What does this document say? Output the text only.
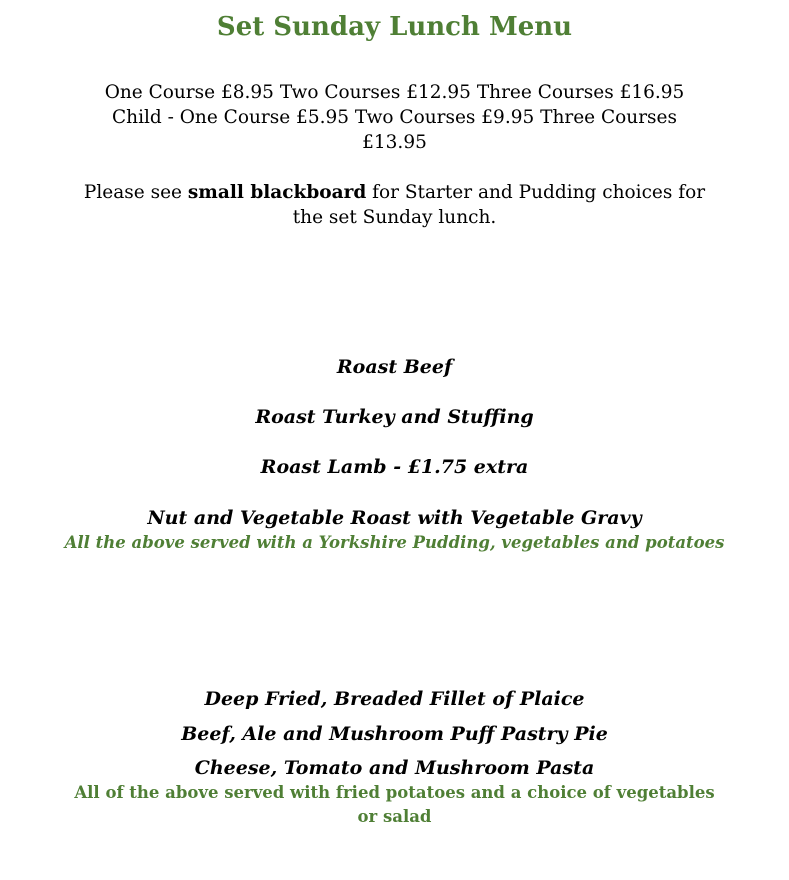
Set Sunday Lunch Menu
One Course £8.95 Two Courses £12.95 Three Courses £16.95
Child - One Course £5.95 Two Courses £9.95 Three Courses
£13.95
Please see small blackboard for Starter and Pudding choices for
the set Sunday lunch.
Roast Beef
Roast Turkey and Stuffing
Roast Lamb - £1.75 extra
Nut and Vegetable Roast with Vegetable Gravy
All the above served with a Yorkshire Pudding, vegetables and potatoes
Deep Fried, Breaded Fillet of Plaice
Beef, Ale and Mushroom Puff Pastry Pie
Cheese, Tomato and Mushroom Pasta
All of the above served with fried potatoes and a choice of vegetables
or salad
